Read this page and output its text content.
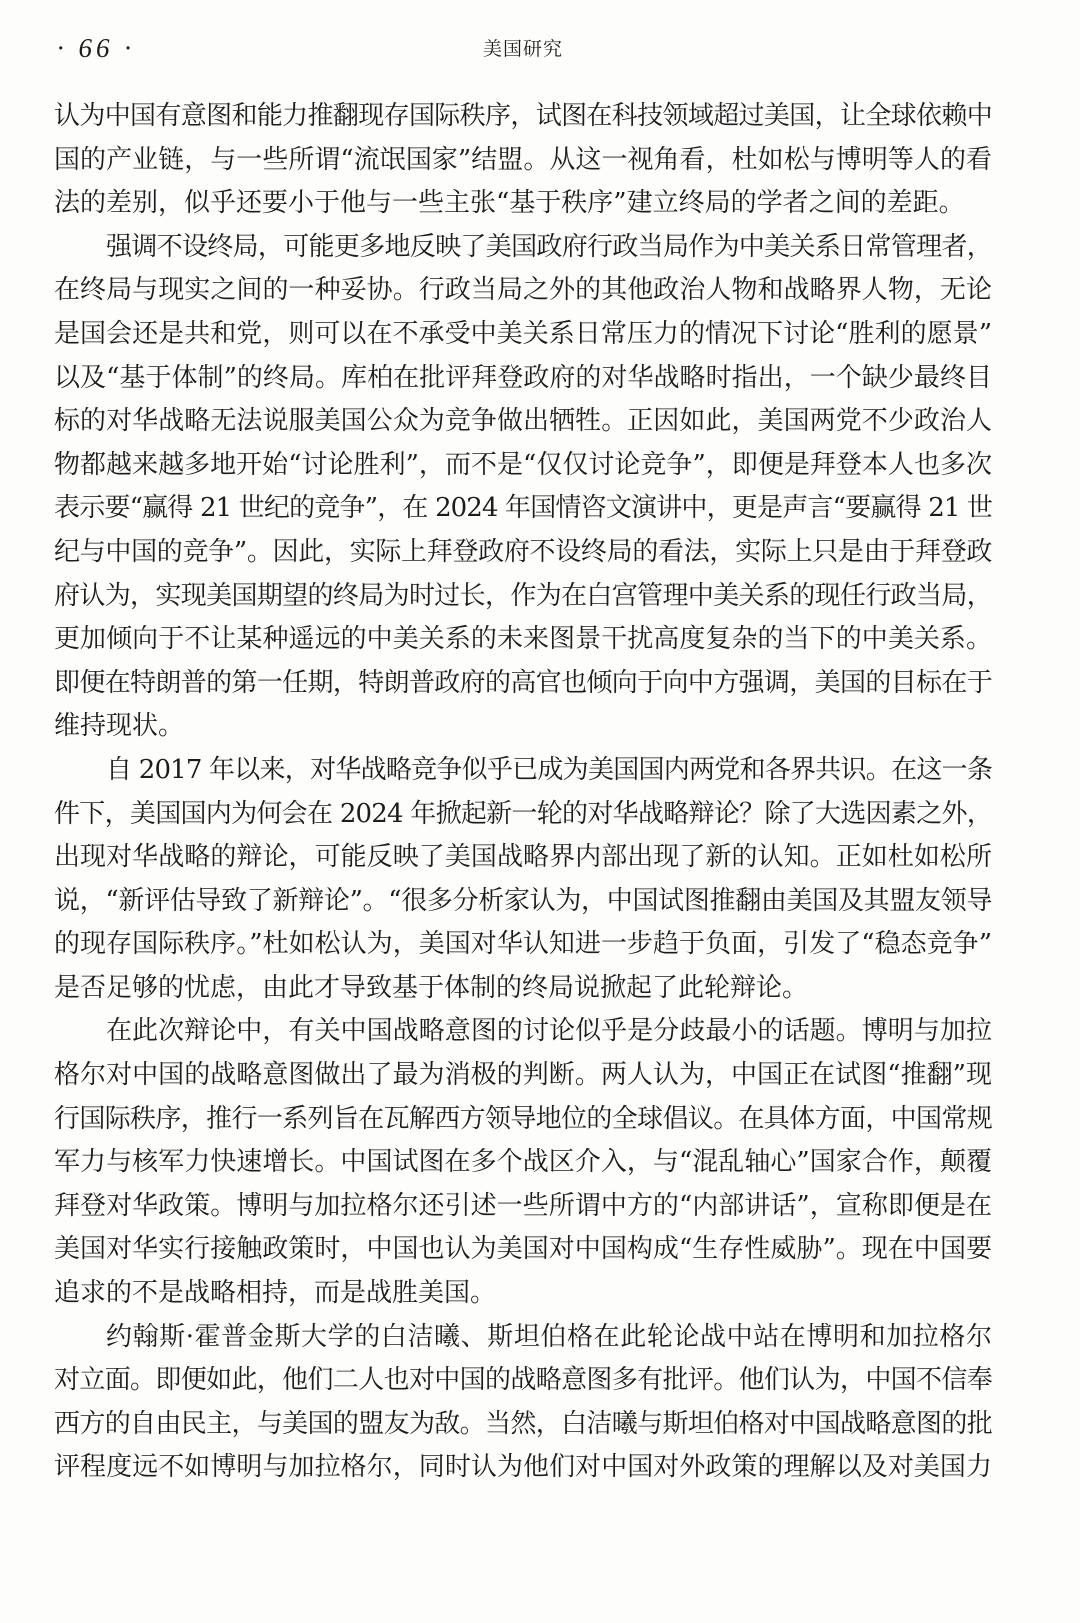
· 66 ·	美国研究
认为中国有意图和能力推翻现存国际秩序，试图在科技领域超过美国，让全球依赖中
国的产业链，与一些所谓“流氓国家”结盟。从这一视角看，杜如松与博明等人的看
法的差别，似乎还要小于他与一些主张“基于秩序”建立终局的学者之间的差距。
强调不设终局，可能更多地反映了美国政府行政当局作为中美关系日常管理者，
在终局与现实之间的一种妥协。行政当局之外的其他政治人物和战略界人物，无论
是国会还是共和党，则可以在不承受中美关系日常压力的情况下讨论“胜利的愿景”
以及“基于体制”的终局。库柏在批评拜登政府的对华战略时指出，一个缺少最终目
标的对华战略无法说服美国公众为竞争做出牺牲。正因如此，美国两党不少政治人
物都越来越多地开始“讨论胜利”，而不是“仅仅讨论竞争”，即便是拜登本人也多次
表示要“赢得 21 世纪的竞争”，在 2024 年国情咨文演讲中，更是声言“要赢得 21 世
纪与中国的竞争”。因此，实际上拜登政府不设终局的看法，实际上只是由于拜登政
府认为，实现美国期望的终局为时过长，作为在白宫管理中美关系的现任行政当局，
更加倾向于不让某种遥远的中美关系的未来图景干扰高度复杂的当下的中美关系。
即便在特朗普的第一任期，特朗普政府的高官也倾向于向中方强调，美国的目标在于
维持现状。
自 2017 年以来，对华战略竞争似乎已成为美国国内两党和各界共识。在这一条
件下，美国国内为何会在 2024 年掀起新一轮的对华战略辩论？除了大选因素之外，
出现对华战略的辩论，可能反映了美国战略界内部出现了新的认知。正如杜如松所
说，“新评估导致了新辩论”。“很多分析家认为，中国试图推翻由美国及其盟友领导
的现存国际秩序。”杜如松认为，美国对华认知进一步趋于负面，引发了“稳态竞争”
是否足够的忧虑，由此才导致基于体制的终局说掀起了此轮辩论。
在此次辩论中，有关中国战略意图的讨论似乎是分歧最小的话题。博明与加拉
格尔对中国的战略意图做出了最为消极的判断。两人认为，中国正在试图“推翻”现
行国际秩序，推行一系列旨在瓦解西方领导地位的全球倡议。在具体方面，中国常规
军力与核军力快速增长。中国试图在多个战区介入，与“混乱轴心”国家合作，颠覆
拜登对华政策。博明与加拉格尔还引述一些所谓中方的“内部讲话”，宣称即便是在
美国对华实行接触政策时，中国也认为美国对中国构成“生存性威胁”。现在中国要
追求的不是战略相持，而是战胜美国。
约翰斯·霍普金斯大学的白洁曦、斯坦伯格在此轮论战中站在博明和加拉格尔
对立面。即便如此，他们二人也对中国的战略意图多有批评。他们认为，中国不信奉
西方的自由民主，与美国的盟友为敌。当然，白洁曦与斯坦伯格对中国战略意图的批
评程度远不如博明与加拉格尔，同时认为他们对中国对外政策的理解以及对美国力
